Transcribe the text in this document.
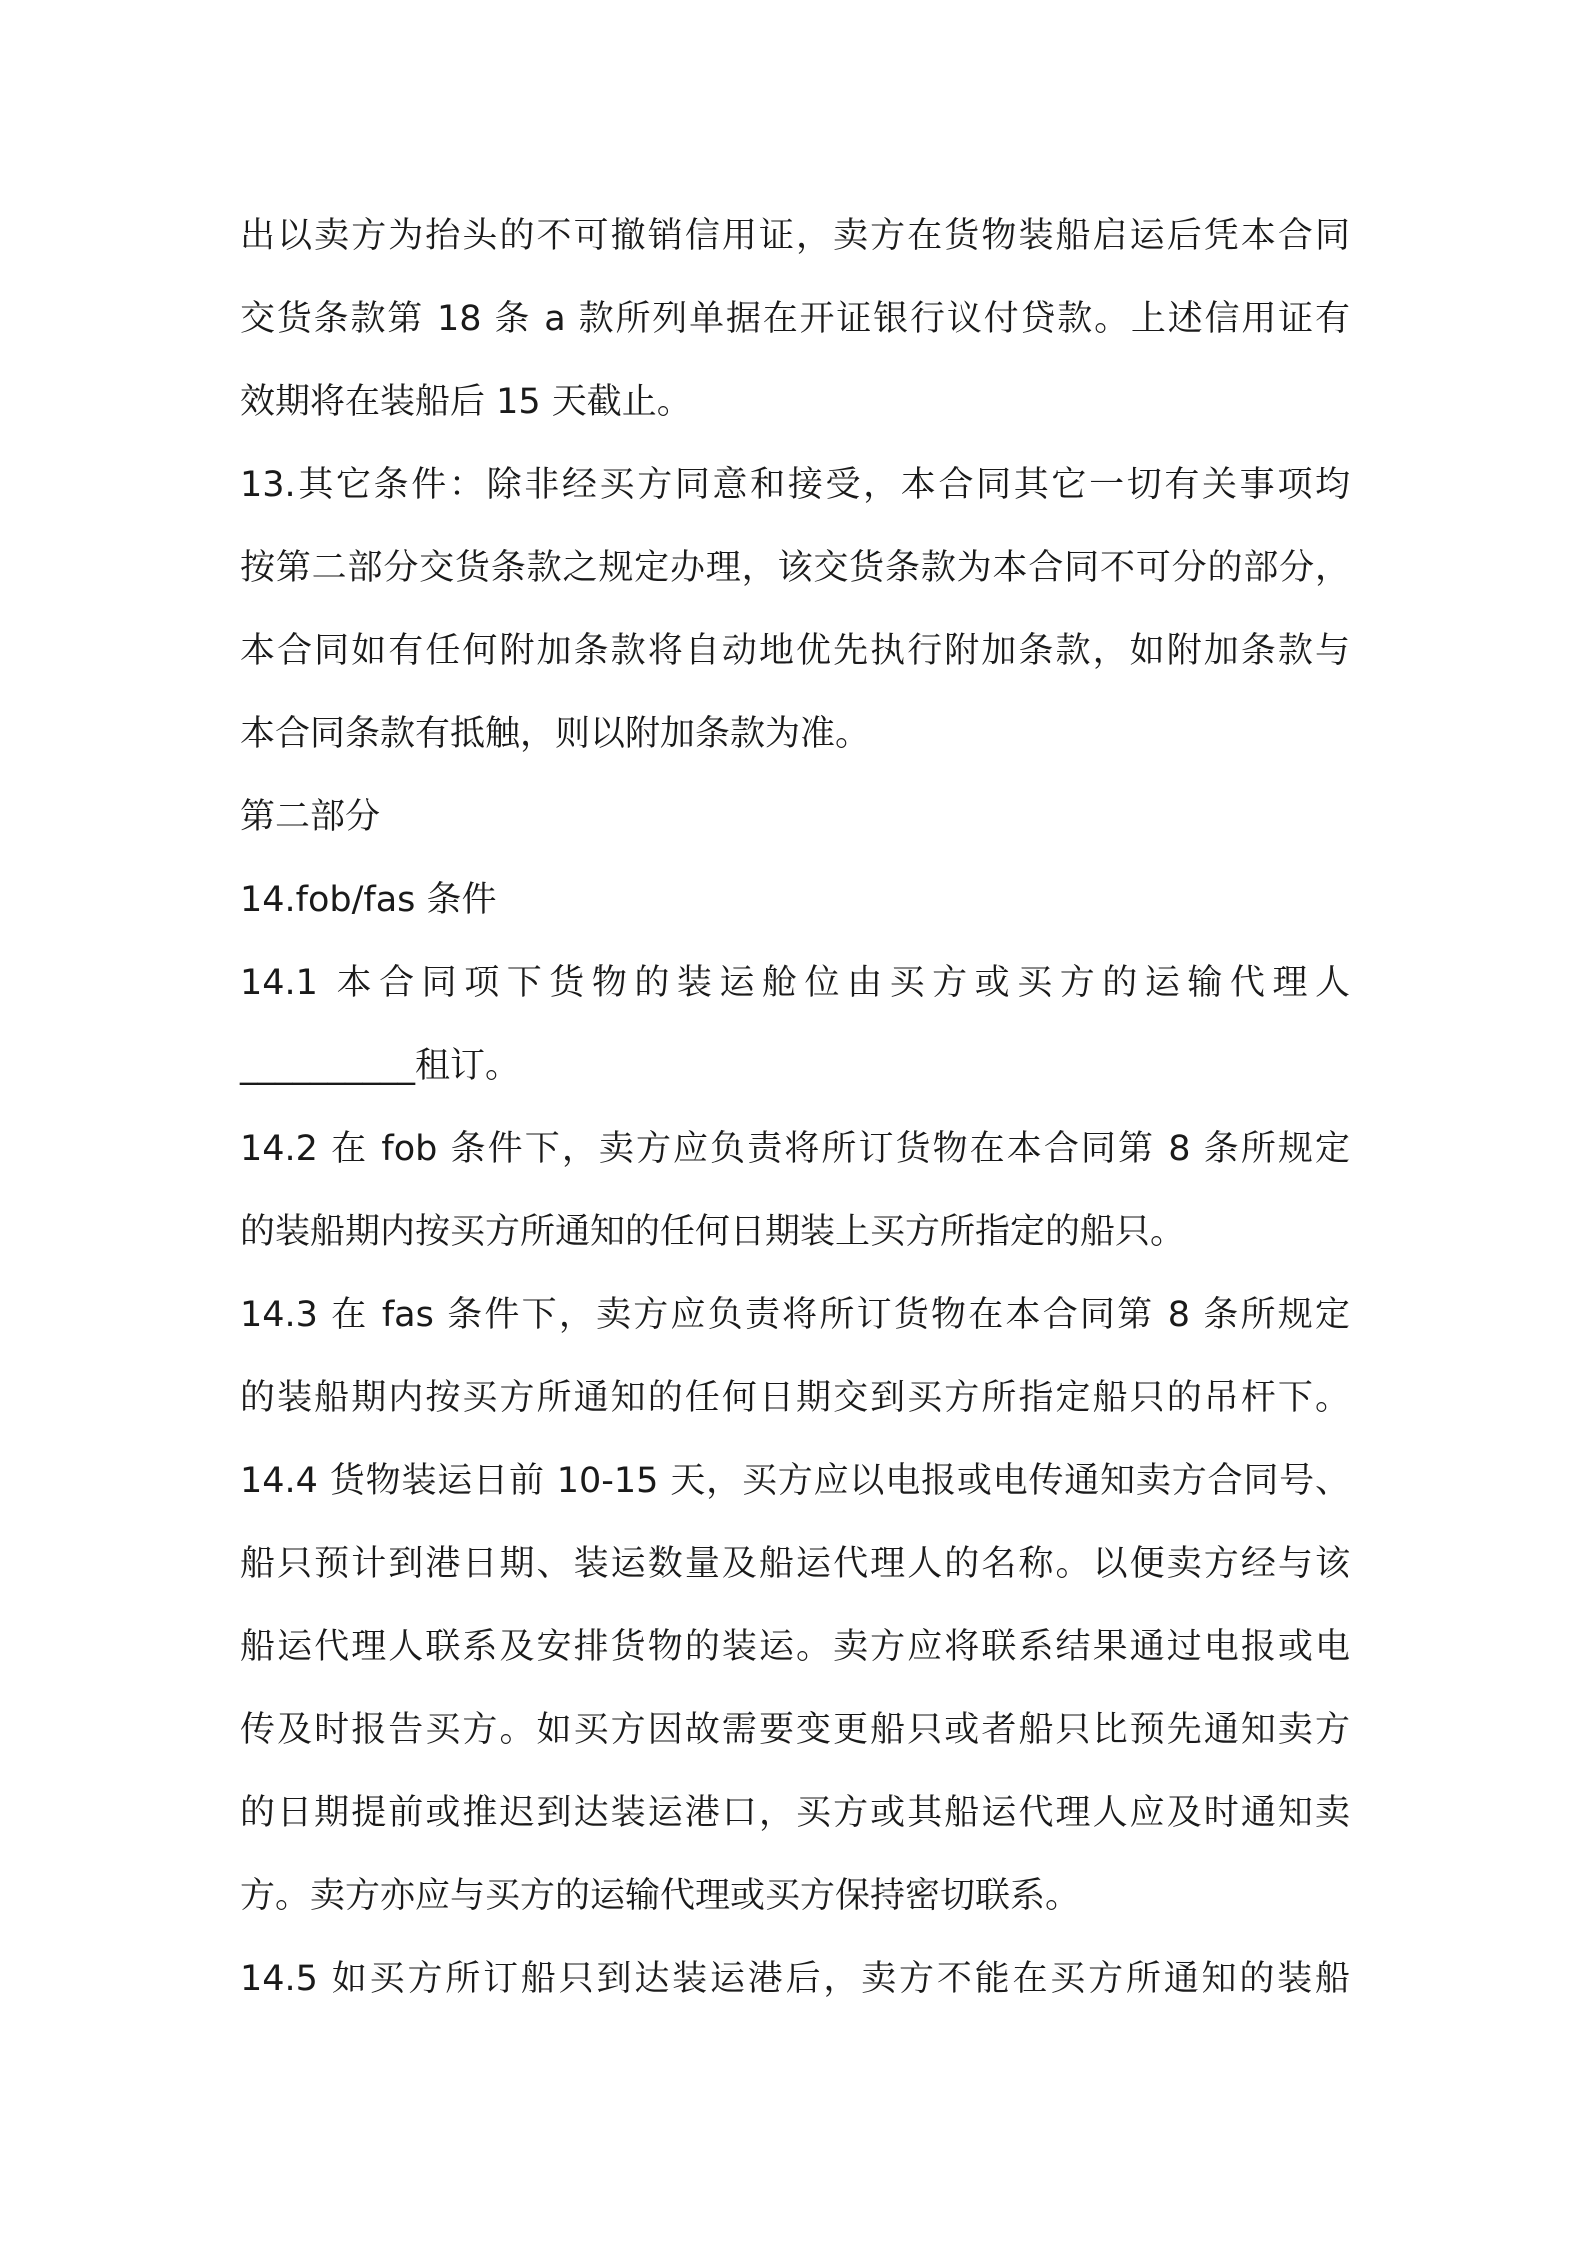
出以卖方为抬头的不可撤销信用证，卖方在货物装船启运后凭本合同
交货条款第 18 条 a 款所列单据在开证银行议付贷款。上述信用证有
效期将在装船后 15 天截止。
13.其它条件：除非经买方同意和接受，本合同其它一切有关事项均
按第二部分交货条款之规定办理，该交货条款为本合同不可分的部分，
本合同如有任何附加条款将自动地优先执行附加条款，如附加条款与
本合同条款有抵触，则以附加条款为准。
第二部分
14.fob/fas 条件
14.1 本合同项下货物的装运舱位由买方或买方的运输代理人
__________租订。
14.2 在 fob 条件下，卖方应负责将所订货物在本合同第 8 条所规定
的装船期内按买方所通知的任何日期装上买方所指定的船只。
14.3 在 fas 条件下，卖方应负责将所订货物在本合同第 8 条所规定
的装船期内按买方所通知的任何日期交到买方所指定船只的吊杆下。
14.4 货物装运日前 10-15 天，买方应以电报或电传通知卖方合同号、
船只预计到港日期、装运数量及船运代理人的名称。以便卖方经与该
船运代理人联系及安排货物的装运。卖方应将联系结果通过电报或电
传及时报告买方。如买方因故需要变更船只或者船只比预先通知卖方
的日期提前或推迟到达装运港口，买方或其船运代理人应及时通知卖
方。卖方亦应与买方的运输代理或买方保持密切联系。
14.5 如买方所订船只到达装运港后，卖方不能在买方所通知的装船
